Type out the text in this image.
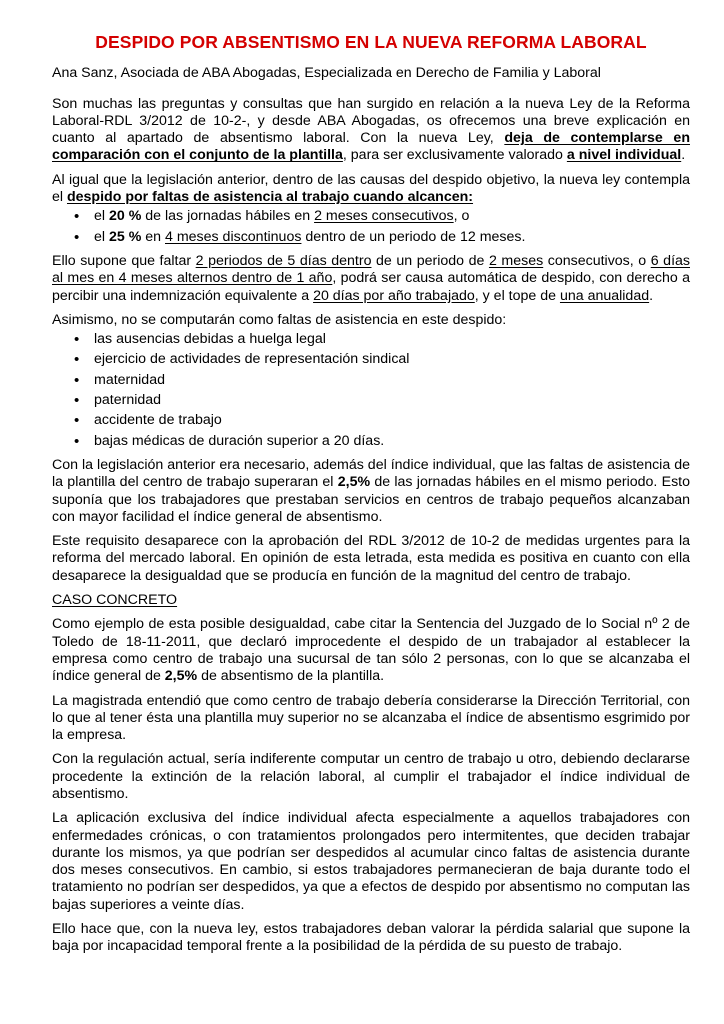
DESPIDO POR ABSENTISMO EN LA NUEVA REFORMA LABORAL

Ana Sanz, Asociada de ABA Abogadas, Especializada en Derecho de Familia y Laboral

Son muchas las preguntas y consultas que han surgido en relación a la nueva Ley de la Reforma Laboral-RDL 3/2012 de 10-2-, y desde ABA Abogadas, os ofrecemos una breve explicación en cuanto al apartado de absentismo laboral. Con la nueva Ley, deja de contemplarse en comparación con el conjunto de la plantilla, para ser exclusivamente valorado a nivel individual.

Al igual que la legislación anterior, dentro de las causas del despido objetivo, la nueva ley contempla el despido por faltas de asistencia al trabajo cuando alcancen:

• el 20 % de las jornadas hábiles en 2 meses consecutivos, o
• el 25 % en 4 meses discontinuos dentro de un periodo de 12 meses.

Ello supone que faltar 2 periodos de 5 días dentro de un periodo de 2 meses consecutivos, o 6 días al mes en 4 meses alternos dentro de 1 año, podrá ser causa automática de despido, con derecho a percibir una indemnización equivalente a 20 días por año trabajado, y el tope de una anualidad.

Asimismo, no se computarán como faltas de asistencia en este despido:

• las ausencias debidas a huelga legal
• ejercicio de actividades de representación sindical
• maternidad
• paternidad
• accidente de trabajo
• bajas médicas de duración superior a 20 días.

Con la legislación anterior era necesario, además del índice individual, que las faltas de asistencia de la plantilla del centro de trabajo superaran el 2,5% de las jornadas hábiles en el mismo periodo. Esto suponía que los trabajadores que prestaban servicios en centros de trabajo pequeños alcanzaban con mayor facilidad el índice general de absentismo.

Este requisito desaparece con la aprobación del RDL 3/2012 de 10-2 de medidas urgentes para la reforma del mercado laboral. En opinión de esta letrada, esta medida es positiva en cuanto con ella desaparece la desigualdad que se producía en función de la magnitud del centro de trabajo.

CASO CONCRETO

Como ejemplo de esta posible desigualdad, cabe citar la Sentencia del Juzgado de lo Social nº 2 de Toledo de 18-11-2011, que declaró improcedente el despido de un trabajador al establecer la empresa como centro de trabajo una sucursal de tan sólo 2 personas, con lo que se alcanzaba el índice general de 2,5% de absentismo de la plantilla.

La magistrada entendió que como centro de trabajo debería considerarse la Dirección Territorial, con lo que al tener ésta una plantilla muy superior no se alcanzaba el índice de absentismo esgrimido por la empresa.

Con la regulación actual, sería indiferente computar un centro de trabajo u otro, debiendo declararse procedente la extinción de la relación laboral, al cumplir el trabajador el índice individual de absentismo.

La aplicación exclusiva del índice individual afecta especialmente a aquellos trabajadores con enfermedades crónicas, o con tratamientos prolongados pero intermitentes, que deciden trabajar durante los mismos, ya que podrían ser despedidos al acumular cinco faltas de asistencia durante dos meses consecutivos. En cambio, si estos trabajadores permanecieran de baja durante todo el tratamiento no podrían ser despedidos, ya que a efectos de despido por absentismo no computan las bajas superiores a veinte días.

Ello hace que, con la nueva ley, estos trabajadores deban valorar la pérdida salarial que supone la baja por incapacidad temporal frente a la posibilidad de la pérdida de su puesto de trabajo.
